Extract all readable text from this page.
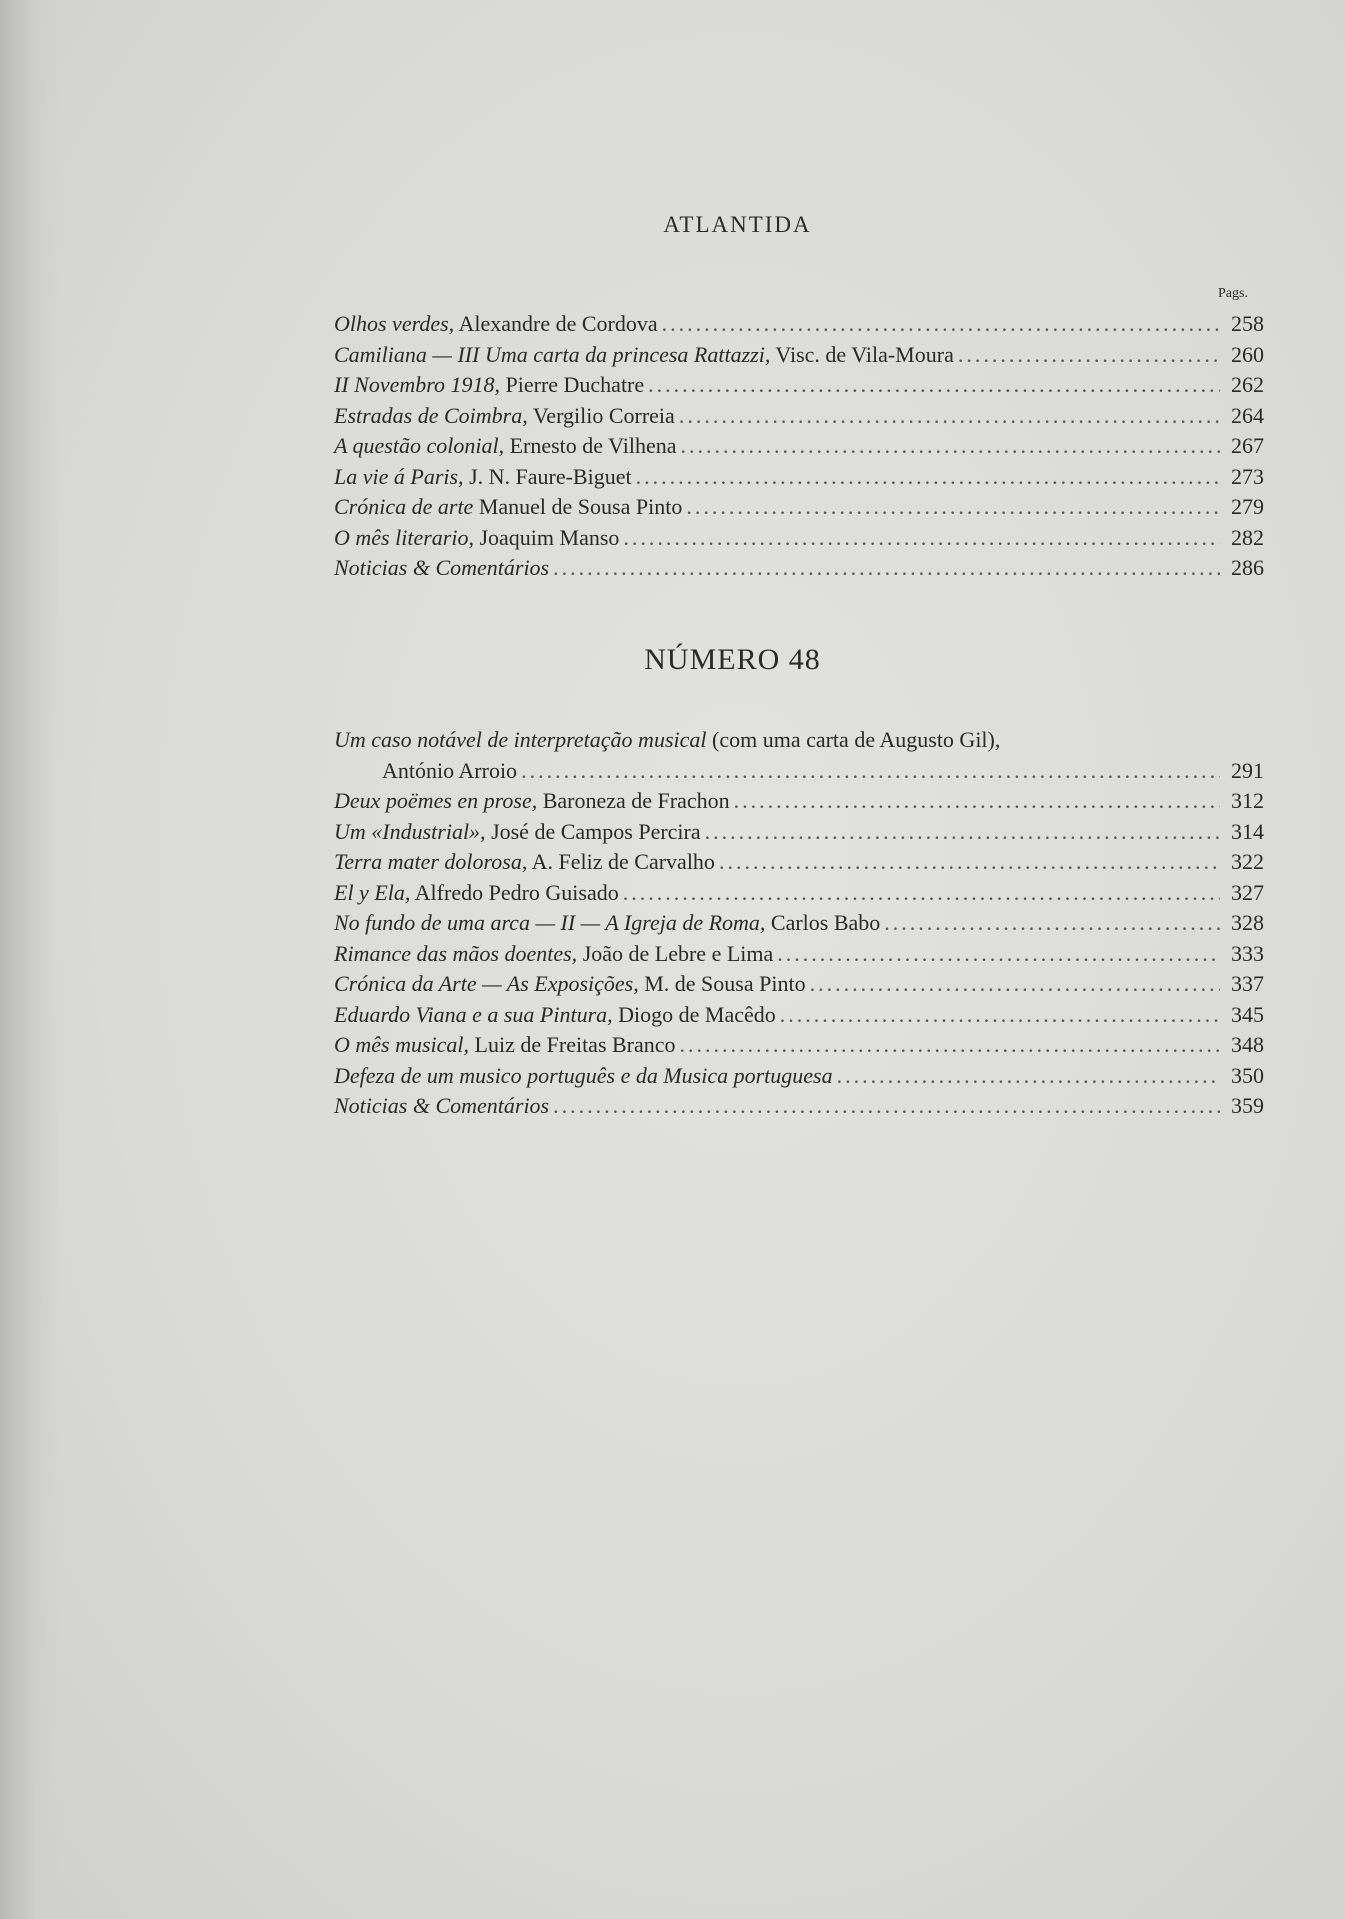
ATLANTIDA
Pags.
Olhos verdes, Alexandre de Cordova .....	258
Camiliana — III Uma carta da princesa Rattazzi, Visc. de Vila-Moura .....	260
II Novembro 1918, Pierre Duchatre .....	262
Estradas de Coimbra, Vergilio Correia .....	264
A questão colonial, Ernesto de Vilhena .....	267
La vie á Paris, J. N. Faure-Biguet .....	273
Crónica de arte Manuel de Sousa Pinto .....	279
O mês literario, Joaquim Manso .....	282
Noticias & Comentários .....	286
NÚMERO 48
Um caso notável de interpretação musical (com uma carta de Augusto Gil),
António Arroio .....	291
Deux poëmes en prose, Baroneza de Frachon .....	312
Um «Industrial», José de Campos Percira .....	314
Terra mater dolorosa, A. Feliz de Carvalho .....	322
El y Ela, Alfredo Pedro Guisado .....	327
No fundo de uma arca — II — A Igreja de Roma, Carlos Babo .....	328
Rimance das mãos doentes, João de Lebre e Lima .....	333
Crónica da Arte — As Exposições, M. de Sousa Pinto .....	337
Eduardo Viana e a sua Pintura, Diogo de Macêdo .....	345
O mês musical, Luiz de Freitas Branco .....	348
Defeza de um musico português e da Musica portuguesa .....	350
Noticias & Comentários .....	359
